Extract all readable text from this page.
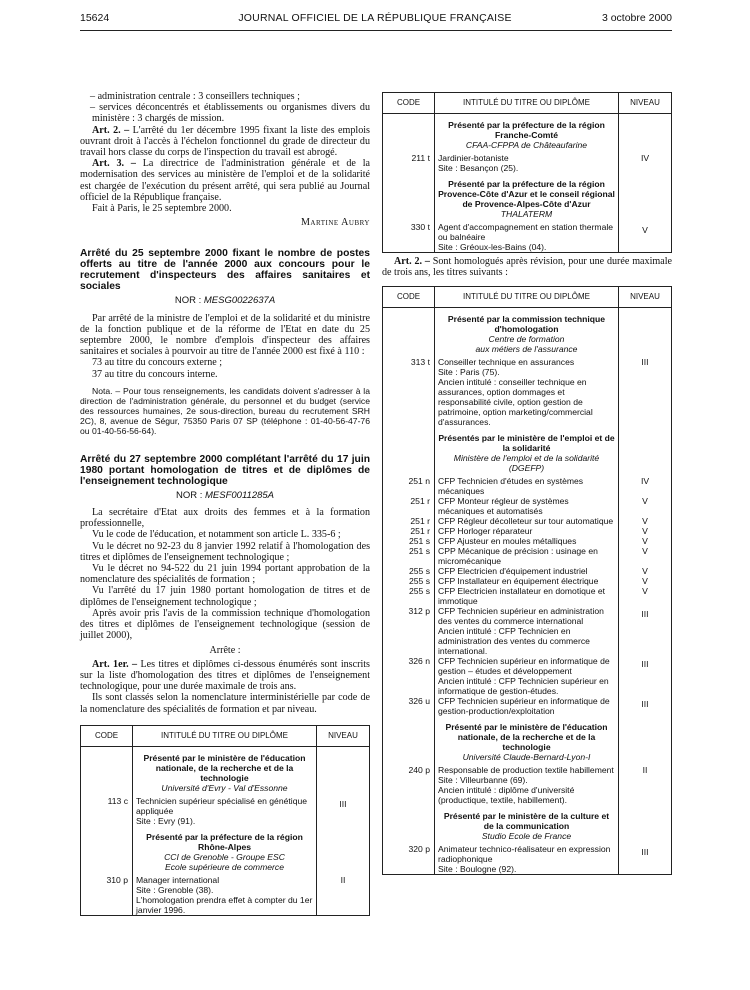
15624	JOURNAL OFFICIEL DE LA RÉPUBLIQUE FRANÇAISE	3 octobre 2000

– administration centrale : 3 conseillers techniques ;

– services déconcentrés et établissements ou organismes divers du ministère : 3 chargés de mission.

Art. 2. – L'arrêté du 1er décembre 1995 fixant la liste des emplois ouvrant droit à l'accès à l'échelon fonctionnel du grade de directeur du travail hors classe du corps de l'inspection du travail est abrogé.

Art. 3. – La directrice de l'administration générale et de la modernisation des services au ministère de l'emploi et de la solidarité est chargée de l'exécution du présent arrêté, qui sera publié au Journal officiel de la République française.

Fait à Paris, le 25 septembre 2000.

Martine Aubry

Arrêté du 25 septembre 2000 fixant le nombre de postes offerts au titre de l'année 2000 aux concours pour le recrutement d'inspecteurs des affaires sanitaires et sociales

NOR : MESG0022637A

Par arrêté de la ministre de l'emploi et de la solidarité et du ministre de la fonction publique et de la réforme de l'Etat en date du 25 septembre 2000, le nombre d'emplois d'inspecteur des affaires sanitaires et sociales à pourvoir au titre de l'année 2000 est fixé à 110 :

73 au titre du concours externe ;

37 au titre du concours interne.

Nota. – Pour tous renseignements, les candidats doivent s'adresser à la direction de l'administration générale, du personnel et du budget (service des ressources humaines, 2e sous-direction, bureau du recrutement SRH 2C), 8, avenue de Ségur, 75350 Paris 07 SP (téléphone : 01-40-56-47-76 ou 01-40-56-56-64).

Arrêté du 27 septembre 2000 complétant l'arrêté du 17 juin 1980 portant homologation de titres et de diplômes de l'enseignement technologique

NOR : MESF0011285A

La secrétaire d'Etat aux droits des femmes et à la formation professionnelle,

Vu le code de l'éducation, et notamment son article L. 335-6 ;

Vu le décret no 92-23 du 8 janvier 1992 relatif à l'homologation des titres et diplômes de l'enseignement technologique ;

Vu le décret no 94-522 du 21 juin 1994 portant approbation de la nomenclature des spécialités de formation ;

Vu l'arrêté du 17 juin 1980 portant homologation de titres et de diplômes de l'enseignement technologique ;

Après avoir pris l'avis de la commission technique d'homologation des titres et diplômes de l'enseignement technologique (session de juillet 2000),

Arrête :

Art. 1er. – Les titres et diplômes ci-dessous énumérés sont inscrits sur la liste d'homologation des titres et diplômes de l'enseignement technologique, pour une durée maximale de trois ans.

Ils sont classés selon la nomenclature interministérielle par code de la nomenclature des spécialités de formation et par niveau.

CODE	INTITULÉ DU TITRE OU DIPLÔME	NIVEAU

	Présenté par le ministère de l'éducation nationale, de la recherche et de la technologie
Université d'Evry - Val d'Essonne	

113 c	Technicien supérieur spécialisé en génétique appliquée
Site : Evry (91).	III

	Présenté par la préfecture de la région Rhône-Alpes
CCI de Grenoble - Groupe ESC
Ecole supérieure de commerce	

310 p	Manager international
Site : Grenoble (38).
L'homologation prendra effet à compter du 1er janvier 1996.	II
CODE	INTITULÉ DU TITRE OU DIPLÔME	NIVEAU

	Présenté par la préfecture de la région Franche-Comté
CFAA-CFPPA de Châteaufarine	

211 t	Jardinier-botaniste
Site : Besançon (25).	IV

	Présenté par la préfecture de la région Provence-Côte d'Azur et le conseil régional de Provence-Alpes-Côte d'Azur
THALATERM	

330 t	Agent d'accompagnement en station thermale ou balnéaire
Site : Gréoux-les-Bains (04).	V

Art. 2. – Sont homologués après révision, pour une durée maximale de trois ans, les titres suivants :

CODE	INTITULÉ DU TITRE OU DIPLÔME	NIVEAU

	Présenté par la commission technique d'homologation
Centre de formation
aux métiers de l'assurance	

313 t	Conseiller technique en assurances
Site : Paris (75).
Ancien intitulé : conseiller technique en assurances, option dommages et responsabilité civile, option gestion de patrimoine, option marketing/commercial d'assurances.	III

	Présentés par le ministère de l'emploi et de la solidarité
Ministère de l'emploi et de la solidarité
(DGEFP)	

251 n	CFP Technicien d'études en systèmes mécaniques	IV
251 r	CFP Monteur régleur de systèmes mécaniques et automatisés	V
251 r	CFP Régleur décolleteur sur tour automatique	V
251 r	CFP Horloger réparateur	V
251 s	CFP Ajusteur en moules métalliques	V
251 s	CPP Mécanique de précision : usinage en micromécanique	V
255 s	CFP Electricien d'équipement industriel	V
255 s	CFP Installateur en équipement électrique	V
255 s	CFP Electricien installateur en domotique et immotique	V
312 p	CFP Technicien supérieur en administration des ventes du commerce international
Ancien intitulé : CFP Technicien en administration des ventes du commerce international.	III
326 n	CFP Technicien supérieur en informatique de gestion – études et développement
Ancien intitulé : CFP Technicien supérieur en informatique de gestion-études.	III
326 u	CFP Technicien supérieur en informatique de gestion-production/exploitation	III

	Présenté par le ministère de l'éducation nationale, de la recherche et de la technologie
Université Claude-Bernard-Lyon-I	

240 p	Responsable de production textile habillement
Site : Villeurbanne (69).
Ancien intitulé : diplôme d'université (productique, textile, habillement).	II

	Présenté par le ministère de la culture et de la communication
Studio Ecole de France	

320 p	Animateur technico-réalisateur en expression radiophonique
Site : Boulogne (92).	III
